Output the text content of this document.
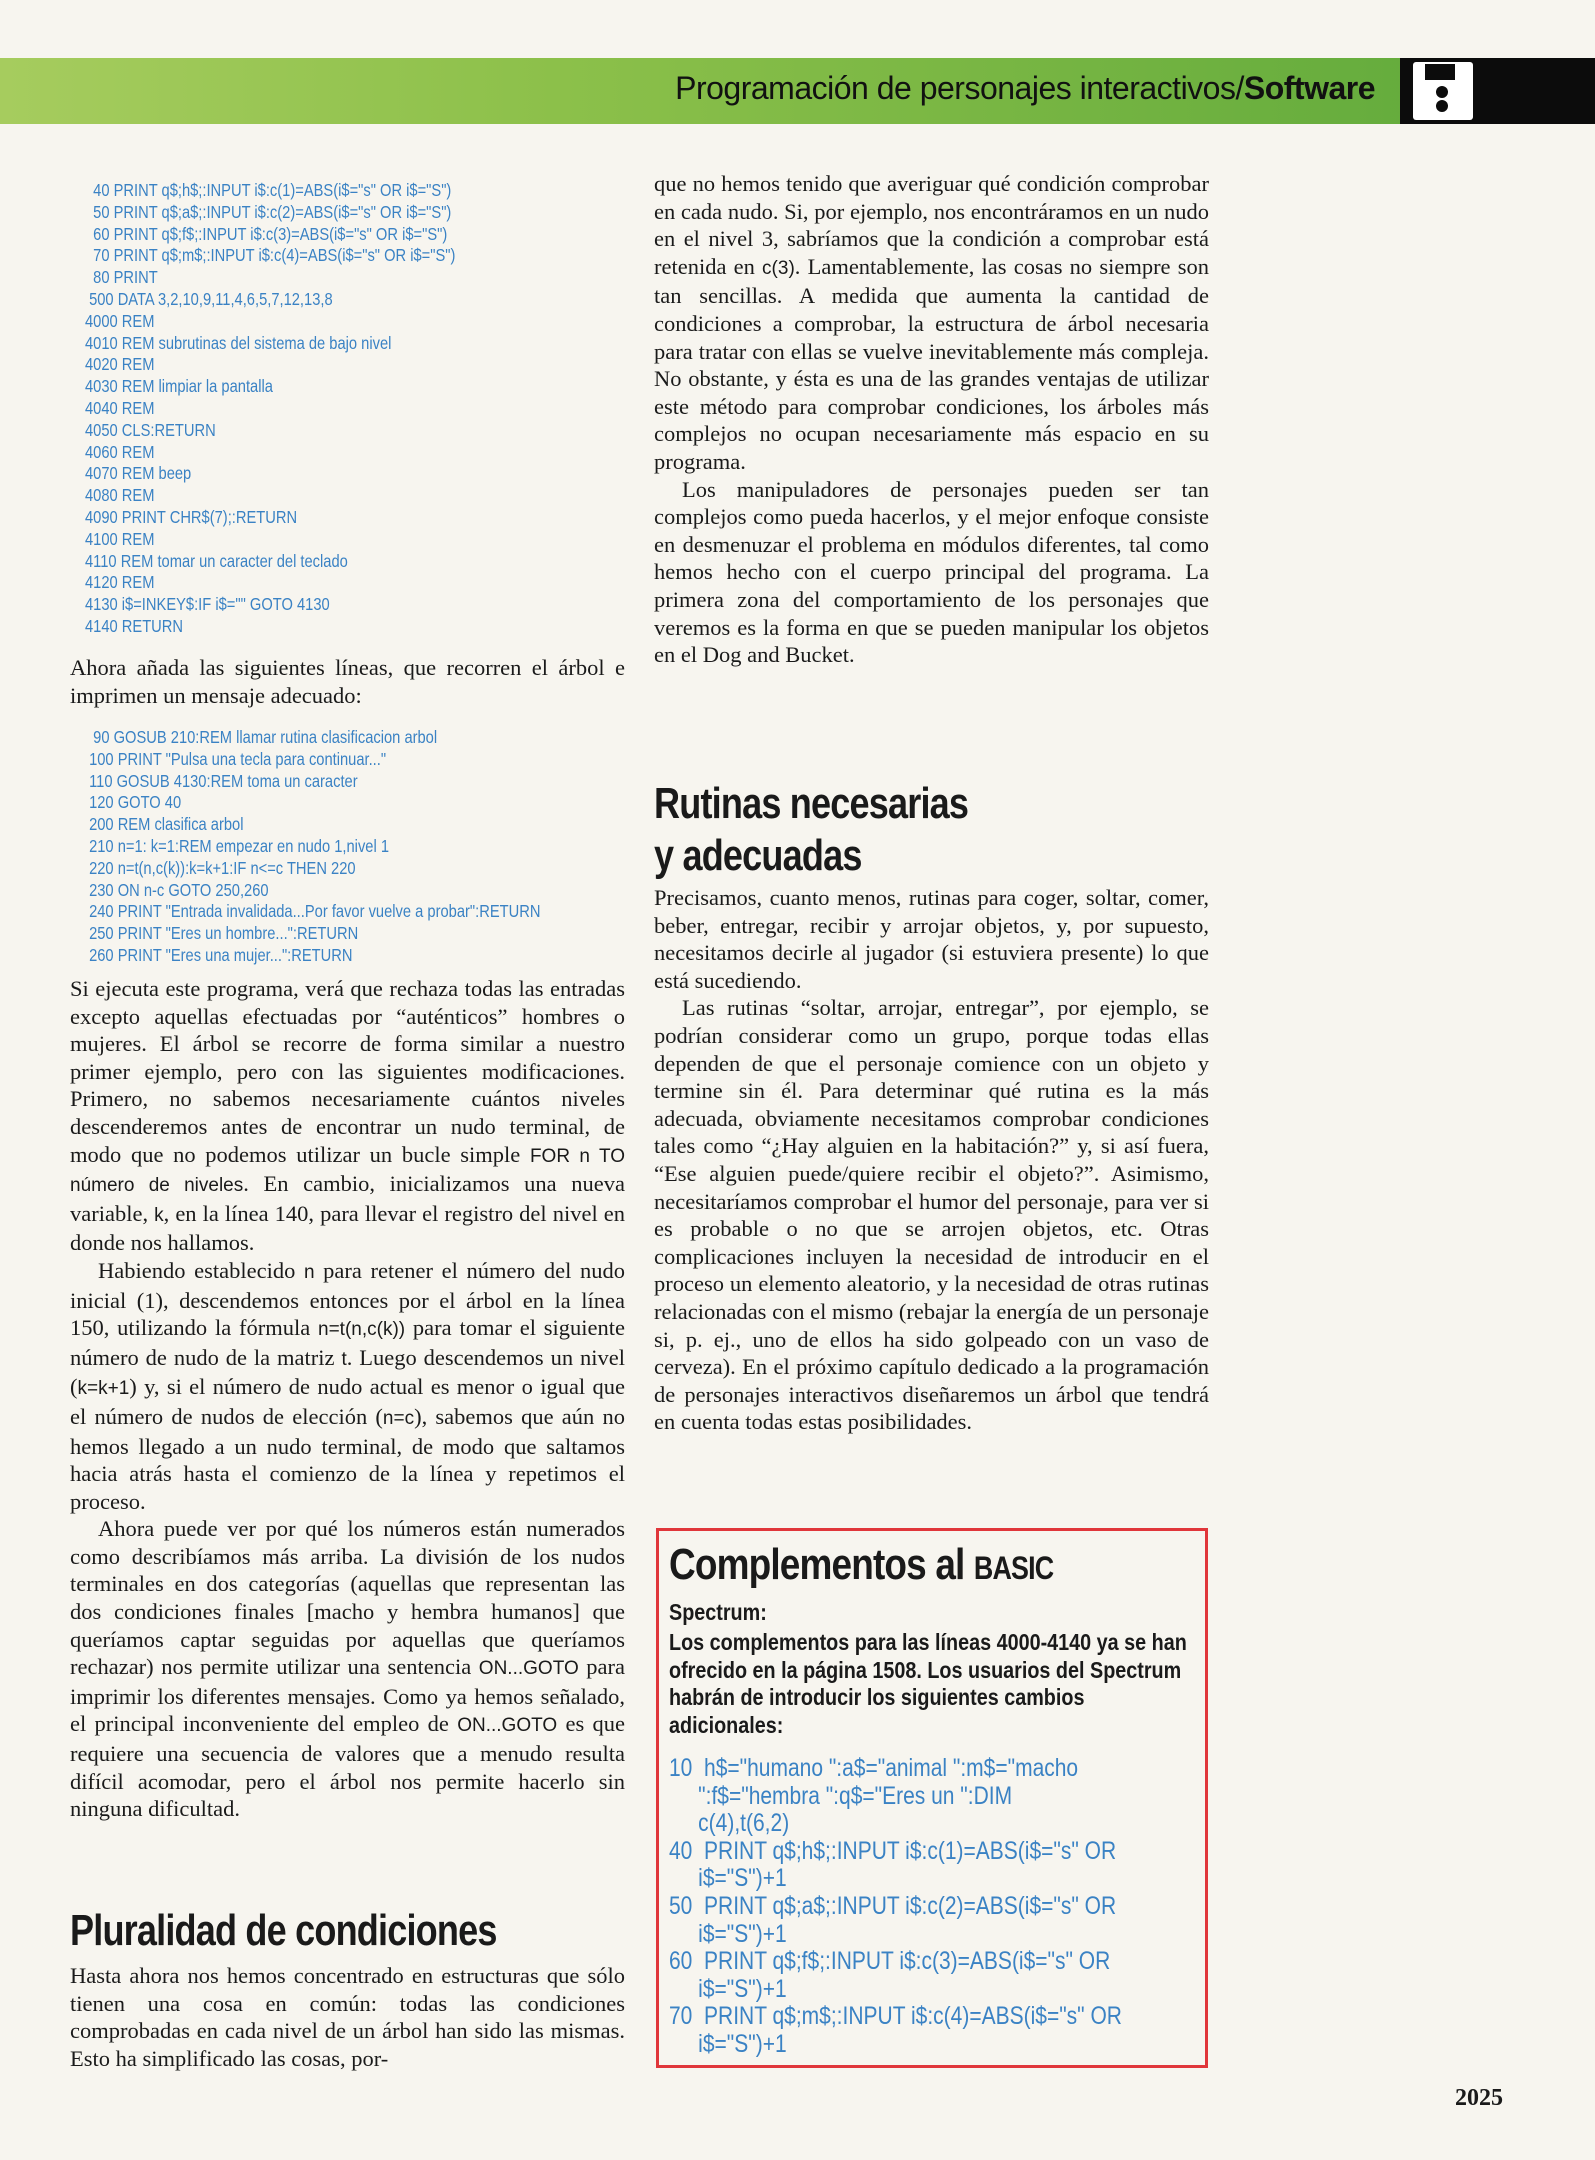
Programación de personajes interactivos/Software
40 PRINT q$;h$;:INPUT i$:c(1)=ABS(i$="s" OR i$="S")
50 PRINT q$;a$;:INPUT i$:c(2)=ABS(i$="s" OR i$="S")
60 PRINT q$;f$;:INPUT i$:c(3)=ABS(i$="s" OR i$="S")
70 PRINT q$;m$;:INPUT i$:c(4)=ABS(i$="s" OR i$="S")
80 PRINT
500 DATA 3,2,10,9,11,4,6,5,7,12,13,8
4000 REM
4010 REM subrutinas del sistema de bajo nivel
4020 REM
4030 REM limpiar la pantalla
4040 REM
4050 CLS:RETURN
4060 REM
4070 REM beep
4080 REM
4090 PRINT CHR$(7);:RETURN
4100 REM
4110 REM tomar un caracter del teclado
4120 REM
4130 i$=INKEY$:IF i$="" GOTO 4130
4140 RETURN

Ahora añada las siguientes líneas, que recorren el árbol e imprimen un mensaje adecuado:

90 GOSUB 210:REM llamar rutina clasificacion arbol
100 PRINT "Pulsa una tecla para continuar..."
110 GOSUB 4130:REM toma un caracter
120 GOTO 40
200 REM clasifica arbol
210 n=1: k=1:REM empezar en nudo 1,nivel 1
220 n=t(n,c(k)):k=k+1:IF n<=c THEN 220
230 ON n-c GOTO 250,260
240 PRINT "Entrada invalidada...Por favor vuelve a probar":RETURN
250 PRINT "Eres un hombre...":RETURN
260 PRINT "Eres una mujer...":RETURN

Si ejecuta este programa, verá que rechaza todas las entradas excepto aquellas efectuadas por “auténticos” hombres o mujeres. El árbol se recorre de forma similar a nuestro primer ejemplo, pero con las siguientes modificaciones. Primero, no sabemos necesariamente cuántos niveles descenderemos antes de encontrar un nudo terminal, de modo que no podemos utilizar un bucle simple FOR n TO número de niveles. En cambio, inicializamos una nueva variable, k, en la línea 140, para llevar el registro del nivel en donde nos hallamos.

Habiendo establecido n para retener el número del nudo inicial (1), descendemos entonces por el árbol en la línea 150, utilizando la fórmula n=t(n,c(k)) para tomar el siguiente número de nudo de la matriz t. Luego descendemos un nivel (k=k+1) y, si el número de nudo actual es menor o igual que el número de nudos de elección (n=c), sabemos que aún no hemos llegado a un nudo terminal, de modo que saltamos hacia atrás hasta el comienzo de la línea y repetimos el proceso.

Ahora puede ver por qué los números están numerados como describíamos más arriba. La división de los nudos terminales en dos categorías (aquellas que representan las dos condiciones finales [macho y hembra humanos] que queríamos captar seguidas por aquellas que queríamos rechazar) nos permite utilizar una sentencia ON...GOTO para imprimir los diferentes mensajes. Como ya hemos señalado, el principal inconveniente del empleo de ON...GOTO es que requiere una secuencia de valores que a menudo resulta difícil acomodar, pero el árbol nos permite hacerlo sin ninguna dificultad.

Pluralidad de condiciones

Hasta ahora nos hemos concentrado en estructuras que sólo tienen una cosa en común: todas las condiciones comprobadas en cada nivel de un árbol han sido las mismas. Esto ha simplificado las cosas, por-

que no hemos tenido que averiguar qué condición comprobar en cada nudo. Si, por ejemplo, nos encontráramos en un nudo en el nivel 3, sabríamos que la condición a comprobar está retenida en c(3). Lamentablemente, las cosas no siempre son tan sencillas. A medida que aumenta la cantidad de condiciones a comprobar, la estructura de árbol necesaria para tratar con ellas se vuelve inevitablemente más compleja. No obstante, y ésta es una de las grandes ventajas de utilizar este método para comprobar condiciones, los árboles más complejos no ocupan necesariamente más espacio en su programa.

Los manipuladores de personajes pueden ser tan complejos como pueda hacerlos, y el mejor enfoque consiste en desmenuzar el problema en módulos diferentes, tal como hemos hecho con el cuerpo principal del programa. La primera zona del comportamiento de los personajes que veremos es la forma en que se pueden manipular los objetos en el Dog and Bucket.

Rutinas necesarias
y adecuadas

Precisamos, cuanto menos, rutinas para coger, soltar, comer, beber, entregar, recibir y arrojar objetos, y, por supuesto, necesitamos decirle al jugador (si estuviera presente) lo que está sucediendo.

Las rutinas “soltar, arrojar, entregar”, por ejemplo, se podrían considerar como un grupo, porque todas ellas dependen de que el personaje comience con un objeto y termine sin él. Para determinar qué rutina es la más adecuada, obviamente necesitamos comprobar condiciones tales como “¿Hay alguien en la habitación?” y, si así fuera, “Ese alguien puede/quiere recibir el objeto?”. Asimismo, necesitaríamos comprobar el humor del personaje, para ver si es probable o no que se arrojen objetos, etc. Otras complicaciones incluyen la necesidad de introducir en el proceso un elemento aleatorio, y la necesidad de otras rutinas relacionadas con el mismo (rebajar la energía de un personaje si, p. ej., uno de ellos ha sido golpeado con un vaso de cerveza). En el próximo capítulo dedicado a la programación de personajes interactivos diseñaremos un árbol que tendrá en cuenta todas estas posibilidades.

Complementos al BASIC
Spectrum:

Los complementos para las líneas 4000-4140 ya se han ofrecido en la página 1508. Los usuarios del Spectrum habrán de introducir los siguientes cambios adicionales:

10  h$="humano ":a$="animal ":m$="macho
":f$="hembra ":q$="Eres un ":DIM
c(4),t(6,2)
40  PRINT q$;h$;:INPUT i$:c(1)=ABS(i$="s" OR
i$="S")+1
50  PRINT q$;a$;:INPUT i$:c(2)=ABS(i$="s" OR
i$="S")+1
60  PRINT q$;f$;:INPUT i$:c(3)=ABS(i$="s" OR
i$="S")+1
70  PRINT q$;m$;:INPUT i$:c(4)=ABS(i$="s" OR
i$="S")+1
2025
